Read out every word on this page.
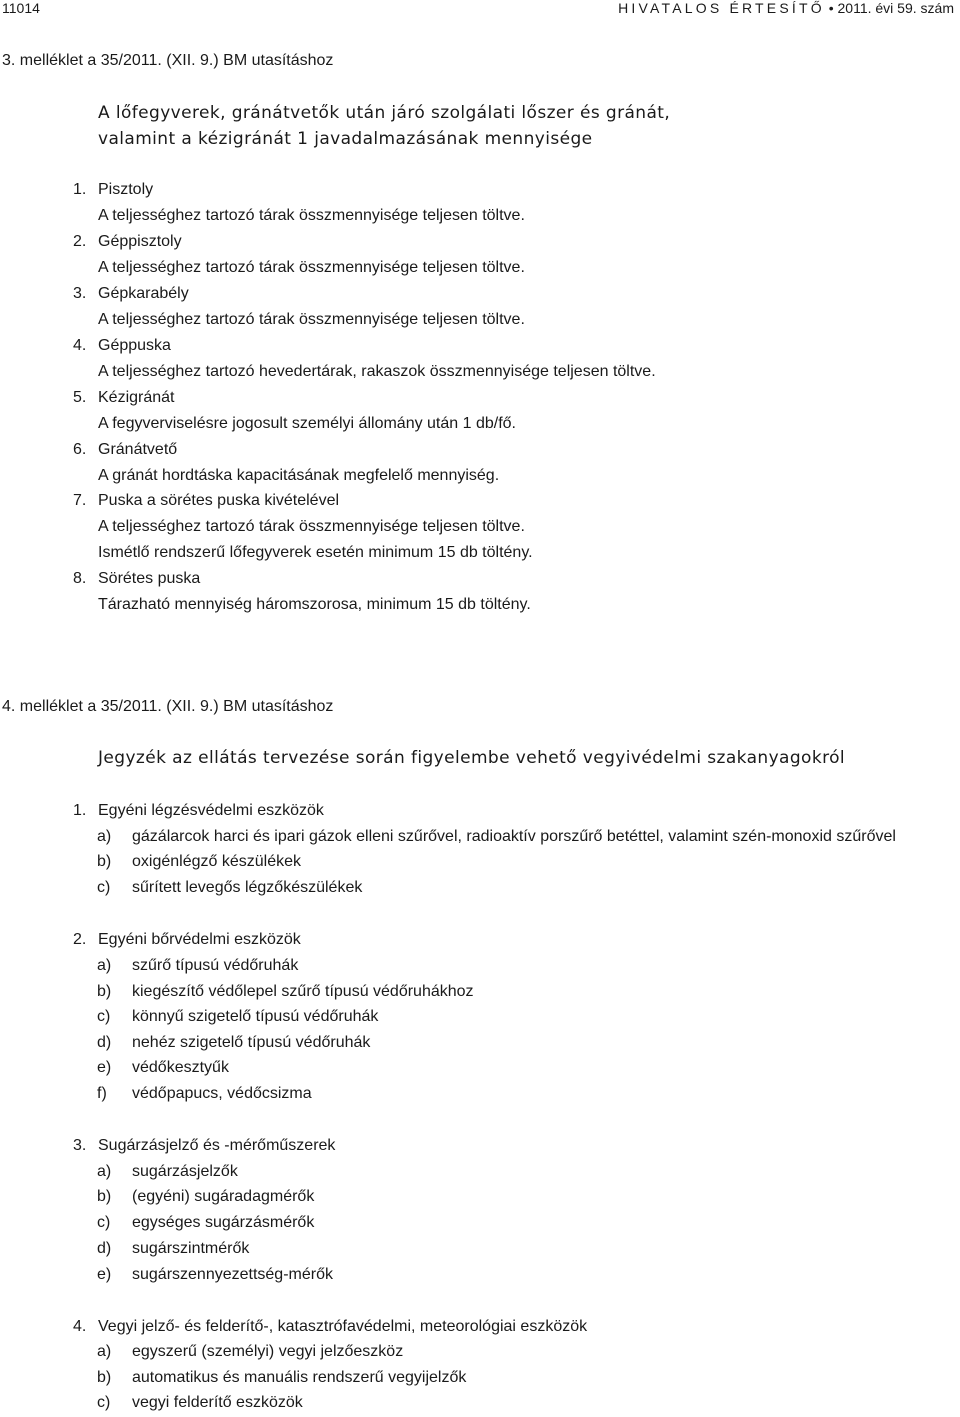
11014	HIVATALOS ÉRTESÍTŐ • 2011. évi 59. szám
3. melléklet a 35/2011. (XII. 9.) BM utasításhoz
A lőfegyverek, gránátvetők után járó szolgálati lőszer és gránát,
valamint a kézigránát 1 javadalmazásának mennyisége
1. Pisztoly
A teljességhez tartozó tárak összmennyisége teljesen töltve.
2. Géppisztoly
A teljességhez tartozó tárak összmennyisége teljesen töltve.
3. Gépkarabély
A teljességhez tartozó tárak összmennyisége teljesen töltve.
4. Géppuska
A teljességhez tartozó hevedertárak, rakaszok összmennyisége teljesen töltve.
5. Kézigránát
A fegyverviselésre jogosult személyi állomány után 1 db/fő.
6. Gránátvető
A gránát hordtáska kapacitásának megfelelő mennyiség.
7. Puska a sörétes puska kivételével
A teljességhez tartozó tárak összmennyisége teljesen töltve.
Ismétlő rendszerű lőfegyverek esetén minimum 15 db töltény.
8. Sörétes puska
Tárazható mennyiség háromszorosa, minimum 15 db töltény.
4. melléklet a 35/2011. (XII. 9.) BM utasításhoz
Jegyzék az ellátás tervezése során figyelembe vehető vegyivédelmi szakanyagokról
1. Egyéni légzésvédelmi eszközök
a) gázálarcok harci és ipari gázok elleni szűrővel, radioaktív porszűrő betéttel, valamint szén-monoxid szűrővel
b) oxigénlégző készülékek
c) sűrített levegős légzőkészülékek
2. Egyéni bőrvédelmi eszközök
a) szűrő típusú védőruhák
b) kiegészítő védőlepel szűrő típusú védőruhákhoz
c) könnyű szigetelő típusú védőruhák
d) nehéz szigetelő típusú védőruhák
e) védőkesztyűk
f) védőpapucs, védőcsizma
3. Sugárzásjelző és -mérőműszerek
a) sugárzásjelzők
b) (egyéni) sugáradagmérők
c) egységes sugárzásmérők
d) sugárszintmérők
e) sugárszennyezettség-mérők
4. Vegyi jelző- és felderítő-, katasztrófavédelmi, meteorológiai eszközök
a) egyszerű (személyi) vegyi jelzőeszköz
b) automatikus és manuális rendszerű vegyijelzők
c) vegyi felderítő eszközök
